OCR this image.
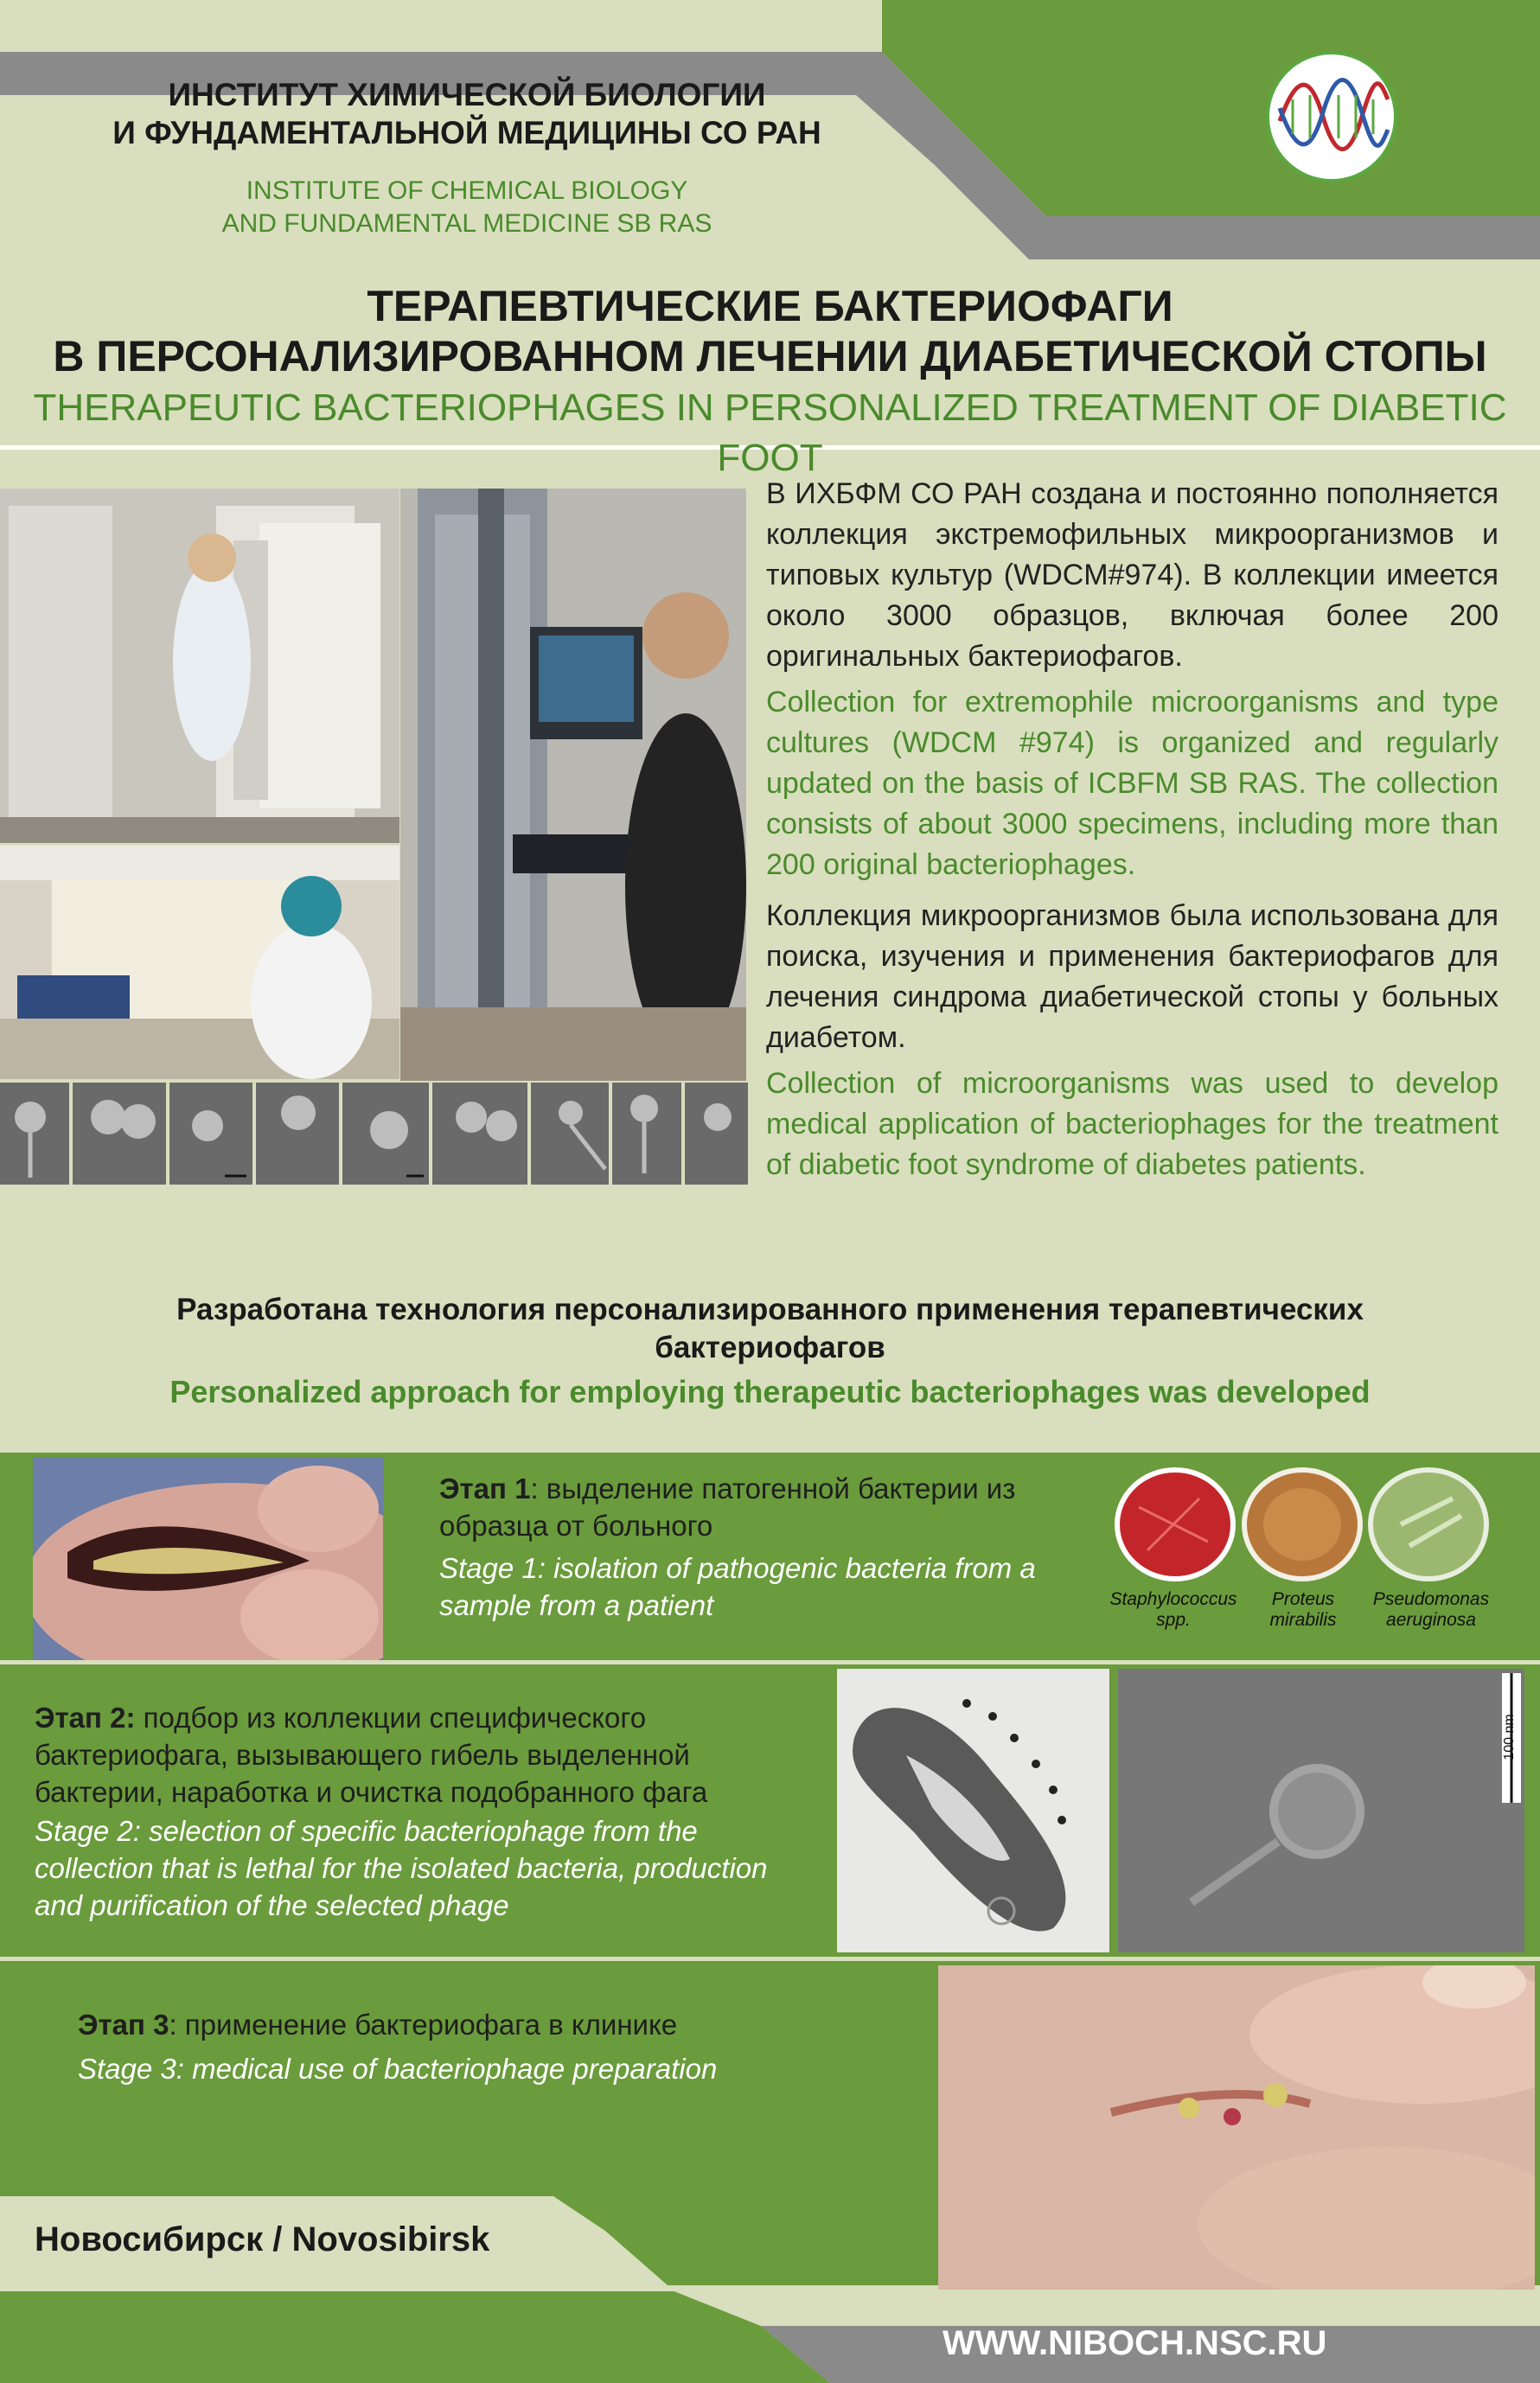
ИНСТИТУТ ХИМИЧЕСКОЙ БИОЛОГИИ
И ФУНДАМЕНТАЛЬНОЙ МЕДИЦИНЫ СО РАН
INSTITUTE OF CHEMICAL BIOLOGY
AND FUNDAMENTAL MEDICINE SB RAS
ТЕРАПЕВТИЧЕСКИЕ БАКТЕРИОФАГИ
В ПЕРСОНАЛИЗИРОВАННОМ ЛЕЧЕНИИ ДИАБЕТИЧЕСКОЙ СТОПЫ
THERAPEUTIC BACTERIOPHAGES IN PERSONALIZED TREATMENT OF DIABETIC FOOT

В ИХБФМ СО РАН создана и постоянно пополняется коллекция экстремофильных микроорганизмов и типовых культур (WDCM#974). В коллекции имеется около 3000 образцов, включая более 200 оригинальных бактериофагов.

Collection for extremophile microorganisms and type cultures (WDCM #974) is organized and regularly updated on the basis of ICBFM SB RAS. The collection consists of about 3000 specimens, including more than 200 original bacteriophages.

Коллекция микроорганизмов была использована для поиска, изучения и применения бактериофагов для лечения синдрома диабетической стопы у больных диабетом.

Collection of microorganisms was used to develop medical application of bacteriophages for the treatment of diabetic foot syndrome of diabetes patients.

Разработана технология персонализированного применения терапевтических бактериофагов
Personalized approach for employing therapeutic bacteriophages was developed
Этап 1: выделение патогенной бактерии из образца от больного
Stage 1: isolation of pathogenic bacteria from a sample from a patient	Staphylococcus
spp.
Proteus
mirabilis
Pseudomonas
aeruginosa
Этап 2: подбор из коллекции специфического бактериофага, вызывающего гибель выделенной бактерии, наработка и очистка подобранного фага
Stage 2: selection of specific bacteriophage from the collection that is lethal for the isolated bacteria, production and purification of the selected phage
100 nm
Этап 3: применение бактериофага в клинике
Stage 3: medical use of bacteriophage preparation
Новосибирск / Novosibirsk
WWW.NIBOCH.NSC.RU
